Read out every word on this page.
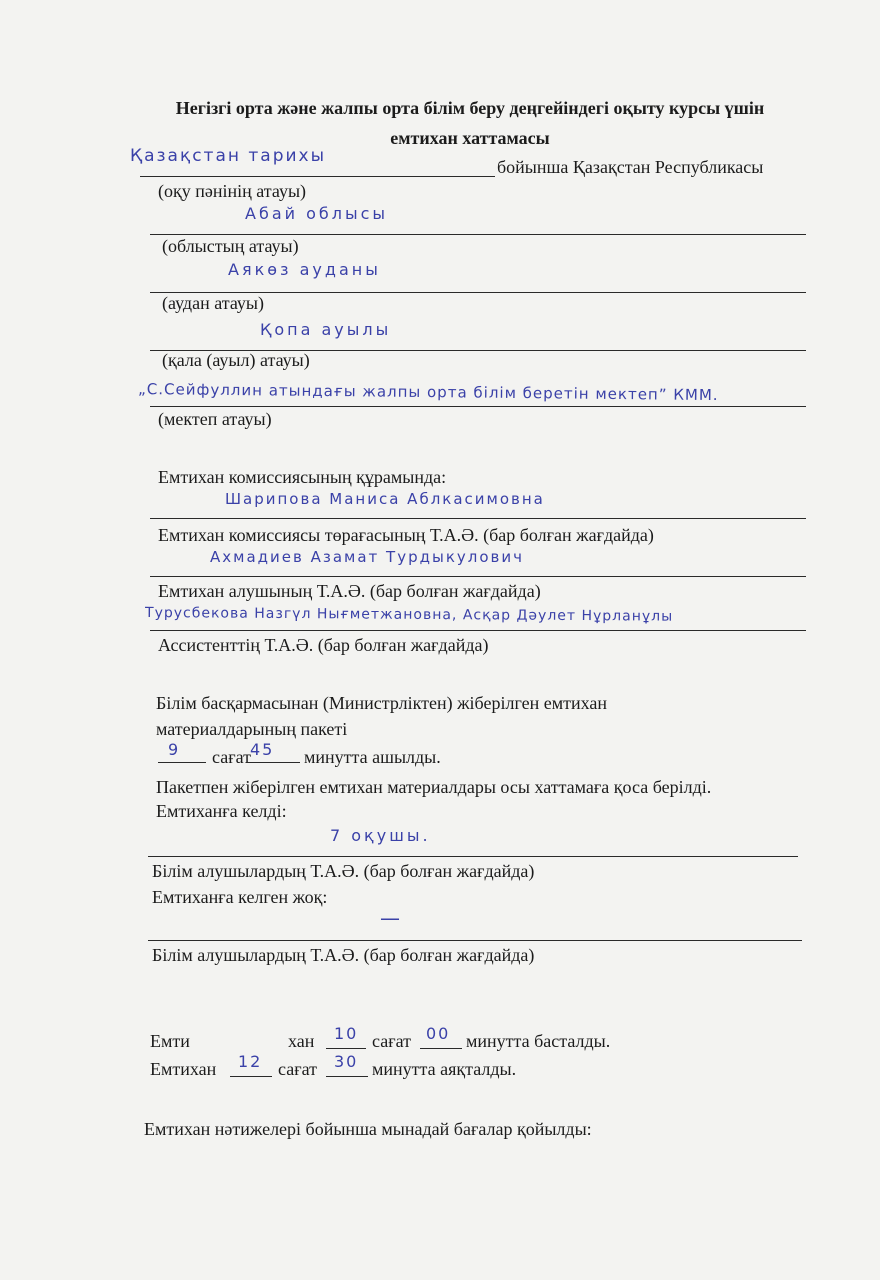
Негізгі орта және жалпы орта білім беру деңгейіндегі оқыту курсы үшін
емтихан хаттамасы
Қазақстан тарихы
бойынша Қазақстан Республикасы
(оқу пәнінің атауы)
Абай облысы
(облыстың атауы)
Аякөз ауданы
(аудан атауы)
Қопа ауылы
(қала (ауыл) атауы)
„С.Сейфуллин атындағы жалпы орта білім беретін мектеп” КММ.
(мектеп атауы)
Емтихан комиссиясының құрамында:
Шарипова Маниса Аблкасимовна
Емтихан комиссиясы төрағасының Т.А.Ә. (бар болған жағдайда)
Ахмадиев Азамат Турдыкулович
Емтихан алушының Т.А.Ә. (бар болған жағдайда)
Турусбекова Назгүл Нығметжановна, Асқар Дәулет Нұрланұлы
Ассистенттің Т.А.Ә. (бар болған жағдайда)
Білім басқармасынан (Министрліктен) жіберілген емтихан
материалдарының пакеті
9 сағат 45 минутта ашылды.
Пакетпен жіберілген емтихан материалдары осы хаттамаға қоса берілді.
Емтиханға келді:
7 оқушы.
Білім алушылардың Т.А.Ә. (бар болған жағдайда)
Емтиханға келген жоқ:
—
Білім алушылардың Т.А.Ә. (бар болған жағдайда)
Емти	хан 10 сағат 00 минутта басталды.
Емтихан 12 сағат 30 минутта аяқталды.
Емтихан нәтижелері бойынша мынадай бағалар қойылды:
